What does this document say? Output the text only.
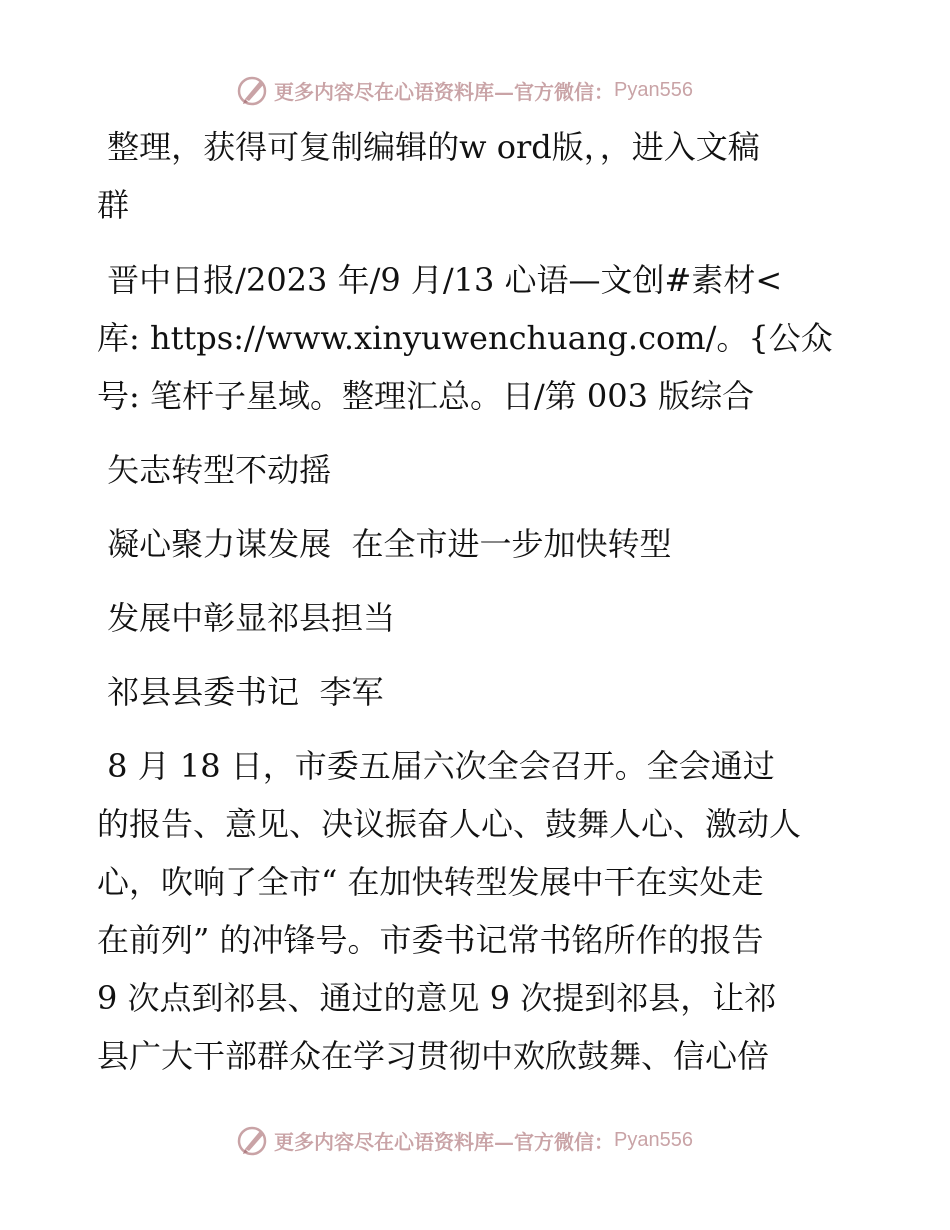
更多内容尽在心语资料库—官方微信： Pyan556
整理，获得可复制编辑的w ord版，，进入文稿
群
晋中日报/2023 年/9 月/13 心语—文创#素材<
库: https://www.xinyuwenchuang.com/。{公众
号: 笔杆子星域。整理汇总。日/第 003 版综合
矢志转型不动摇
凝心聚力谋发展  在全市进一步加快转型
发展中彰显祁县担当
祁县县委书记  李军
8 月 18 日，市委五届六次全会召开。全会通过
的报告、意见、决议振奋人心、鼓舞人心、激动人
心，吹响了全市“ 在加快转型发展中干在实处走
在前列” 的冲锋号。市委书记常书铭所作的报告
9 次点到祁县、通过的意见 9 次提到祁县，让祁
县广大干部群众在学习贯彻中欢欣鼓舞、信心倍
更多内容尽在心语资料库—官方微信： Pyan556
